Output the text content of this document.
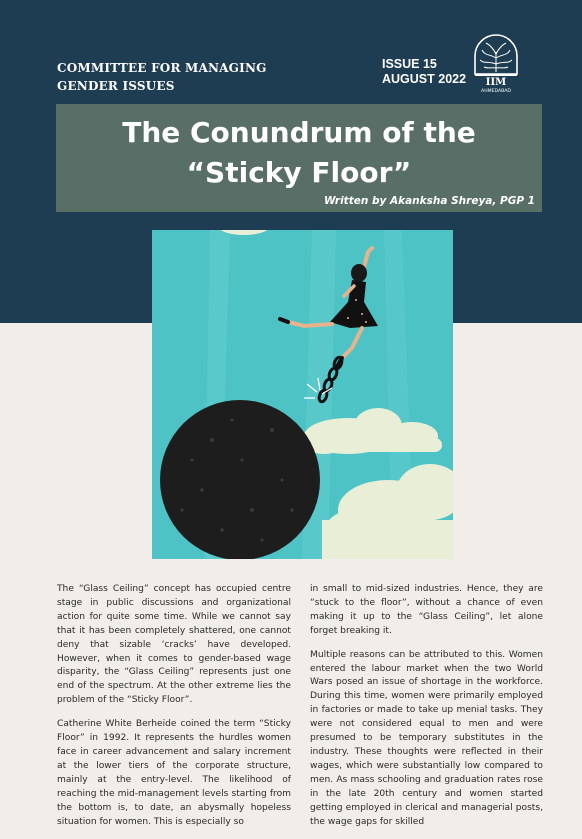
COMMITTEE FOR MANAGING GENDER ISSUES
ISSUE 15
AUGUST 2022 IIM
AHMEDABAD
The Conundrum of the
“Sticky Floor”
Written by Akanksha Shreya, PGP 1

The “Glass Ceiling” concept has occupied centre stage in public discussions and organizational action for quite some time. While we cannot say that it has been completely shattered, one cannot deny that sizable ‘cracks’ have developed. However, when it comes to gender-based wage disparity, the “Glass Ceiling” represents just one end of the spectrum. At the other extreme lies the problem of the “Sticky Floor”.

Catherine White Berheide coined the term “Sticky Floor” in 1992. It represents the hurdles women face in career advancement and salary increment at the lower tiers of the corporate structure, mainly at the entry-level. The likelihood of reaching the mid-management levels starting from the bottom is, to date, an abysmally hopeless situation for women. This is especially so

in small to mid-sized industries. Hence, they are “stuck to the floor”, without a chance of even making it up to the “Glass Ceiling”, let alone forget breaking it.

Multiple reasons can be attributed to this. Women entered the labour market when the two World Wars posed an issue of shortage in the workforce. During this time, women were primarily employed in factories or made to take up menial tasks. They were not considered equal to men and were presumed to be temporary substitutes in the industry. These thoughts were reflected in their wages, which were substantially low compared to men. As mass schooling and graduation rates rose in the late 20th century and women started getting employed in clerical and managerial posts, the wage gaps for skilled
